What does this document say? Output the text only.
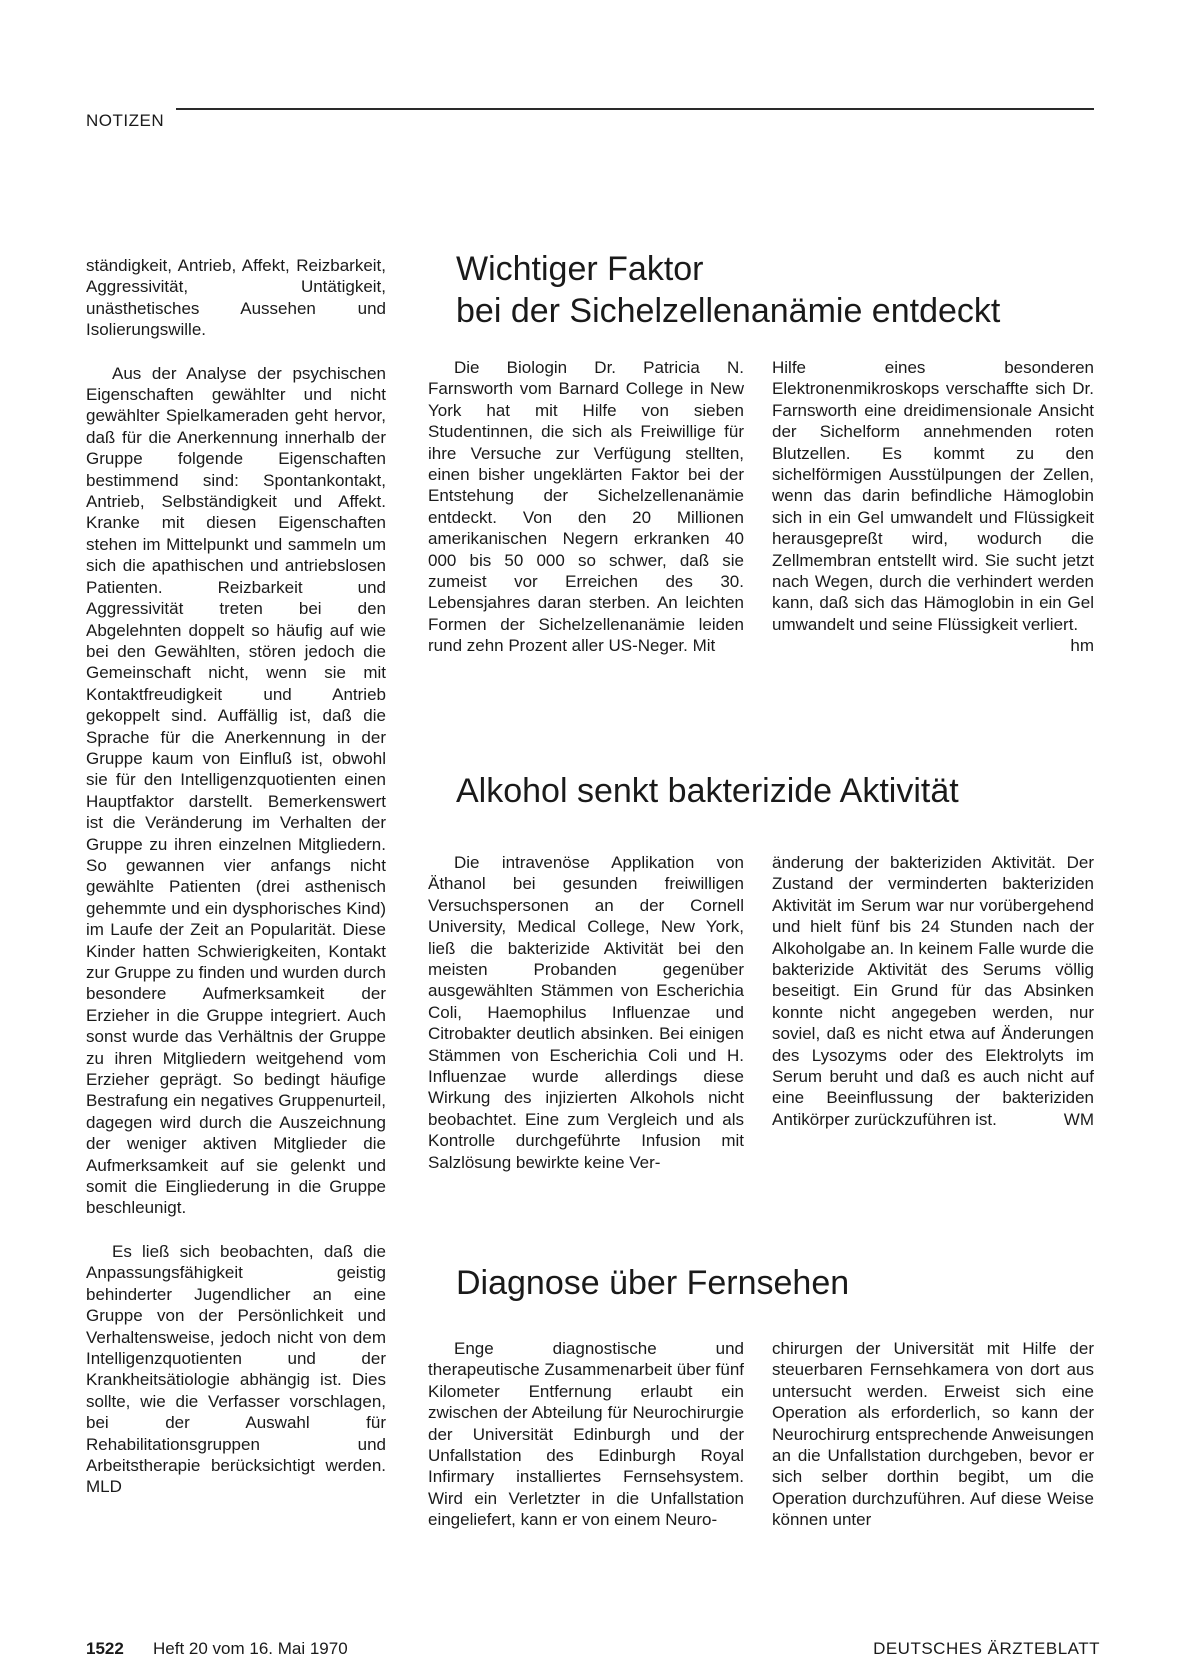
NOTIZEN

ständigkeit, Antrieb, Affekt, Reizbarkeit, Aggressivität, Untätigkeit, unästhetisches Aussehen und Isolierungswille.

Aus der Analyse der psychischen Eigenschaften gewählter und nicht gewählter Spielkameraden geht hervor, daß für die Anerkennung innerhalb der Gruppe folgende Eigenschaften bestimmend sind: Spontankontakt, Antrieb, Selbständigkeit und Affekt. Kranke mit diesen Eigenschaften stehen im Mittelpunkt und sammeln um sich die apathischen und antriebslosen Patienten. Reizbarkeit und Aggressivität treten bei den Abgelehnten doppelt so häufig auf wie bei den Gewählten, stören jedoch die Gemeinschaft nicht, wenn sie mit Kontaktfreudigkeit und Antrieb gekoppelt sind. Auffällig ist, daß die Sprache für die Anerkennung in der Gruppe kaum von Einfluß ist, obwohl sie für den Intelligenzquotienten einen Hauptfaktor darstellt. Bemerkenswert ist die Veränderung im Verhalten der Gruppe zu ihren einzelnen Mitgliedern. So gewannen vier anfangs nicht gewählte Patienten (drei asthenisch gehemmte und ein dysphorisches Kind) im Laufe der Zeit an Popularität. Diese Kinder hatten Schwierigkeiten, Kontakt zur Gruppe zu finden und wurden durch besondere Aufmerksamkeit der Erzieher in die Gruppe integriert. Auch sonst wurde das Verhältnis der Gruppe zu ihren Mitgliedern weitgehend vom Erzieher geprägt. So bedingt häufige Bestrafung ein negatives Gruppenurteil, dagegen wird durch die Auszeichnung der weniger aktiven Mitglieder die Aufmerksamkeit auf sie gelenkt und somit die Eingliederung in die Gruppe beschleunigt.

Es ließ sich beobachten, daß die Anpassungsfähigkeit geistig behinderter Jugendlicher an eine Gruppe von der Persönlichkeit und Verhaltensweise, jedoch nicht von dem Intelligenzquotienten und der Krankheitsätiologie abhängig ist. Dies sollte, wie die Verfasser vorschlagen, bei der Auswahl für Rehabilitationsgruppen und Arbeitstherapie berücksichtigt werden. MLD

Wichtiger Faktor
bei der Sichelzellenanämie entdeckt

Die Biologin Dr. Patricia N. Farnsworth vom Barnard College in New York hat mit Hilfe von sieben Studentinnen, die sich als Freiwillige für ihre Versuche zur Verfügung stellten, einen bisher ungeklärten Faktor bei der Entstehung der Sichelzellenanämie entdeckt. Von den 20 Millionen amerikanischen Negern erkranken 40 000 bis 50 000 so schwer, daß sie zumeist vor Erreichen des 30. Lebensjahres daran sterben. An leichten Formen der Sichelzellenanämie leiden rund zehn Prozent aller US-Neger. Mit

Hilfe eines besonderen Elektronenmikroskops verschaffte sich Dr. Farnsworth eine dreidimensionale Ansicht der Sichelform annehmenden roten Blutzellen. Es kommt zu den sichelförmigen Ausstülpungen der Zellen, wenn das darin befindliche Hämoglobin sich in ein Gel umwandelt und Flüssigkeit herausgepreßt wird, wodurch die Zellmembran entstellt wird. Sie sucht jetzt nach Wegen, durch die verhindert werden kann, daß sich das Hämoglobin in ein Gel umwandelt und seine Flüssigkeit verliert.
hm

Alkohol senkt bakterizide Aktivität

Die intravenöse Applikation von Äthanol bei gesunden freiwilligen Versuchspersonen an der Cornell University, Medical College, New York, ließ die bakterizide Aktivität bei den meisten Probanden gegenüber ausgewählten Stämmen von Escherichia Coli, Haemophilus Influenzae und Citrobakter deutlich absinken. Bei einigen Stämmen von Escherichia Coli und H. Influenzae wurde allerdings diese Wirkung des injizierten Alkohols nicht beobachtet. Eine zum Vergleich und als Kontrolle durchgeführte Infusion mit Salzlösung bewirkte keine Ver-

änderung der bakteriziden Aktivität. Der Zustand der verminderten bakteriziden Aktivität im Serum war nur vorübergehend und hielt fünf bis 24 Stunden nach der Alkoholgabe an. In keinem Falle wurde die bakterizide Aktivität des Serums völlig beseitigt. Ein Grund für das Absinken konnte nicht angegeben werden, nur soviel, daß es nicht etwa auf Änderungen des Lysozyms oder des Elektrolyts im Serum beruht und daß es auch nicht auf eine Beeinflussung der bakteriziden Antikörper zurückzuführen ist.	WM

Diagnose über Fernsehen

Enge diagnostische und therapeutische Zusammenarbeit über fünf Kilometer Entfernung erlaubt ein zwischen der Abteilung für Neurochirurgie der Universität Edinburgh und der Unfallstation des Edinburgh Royal Infirmary installiertes Fernsehsystem. Wird ein Verletzter in die Unfallstation eingeliefert, kann er von einem Neuro-

chirurgen der Universität mit Hilfe der steuerbaren Fernsehkamera von dort aus untersucht werden. Erweist sich eine Operation als erforderlich, so kann der Neurochirurg entsprechende Anweisungen an die Unfallstation durchgeben, bevor er sich selber dorthin begibt, um die Operation durchzuführen. Auf diese Weise können unter

1522 Heft 20 vom 16. Mai 1970	DEUTSCHES ÄRZTEBLATT
